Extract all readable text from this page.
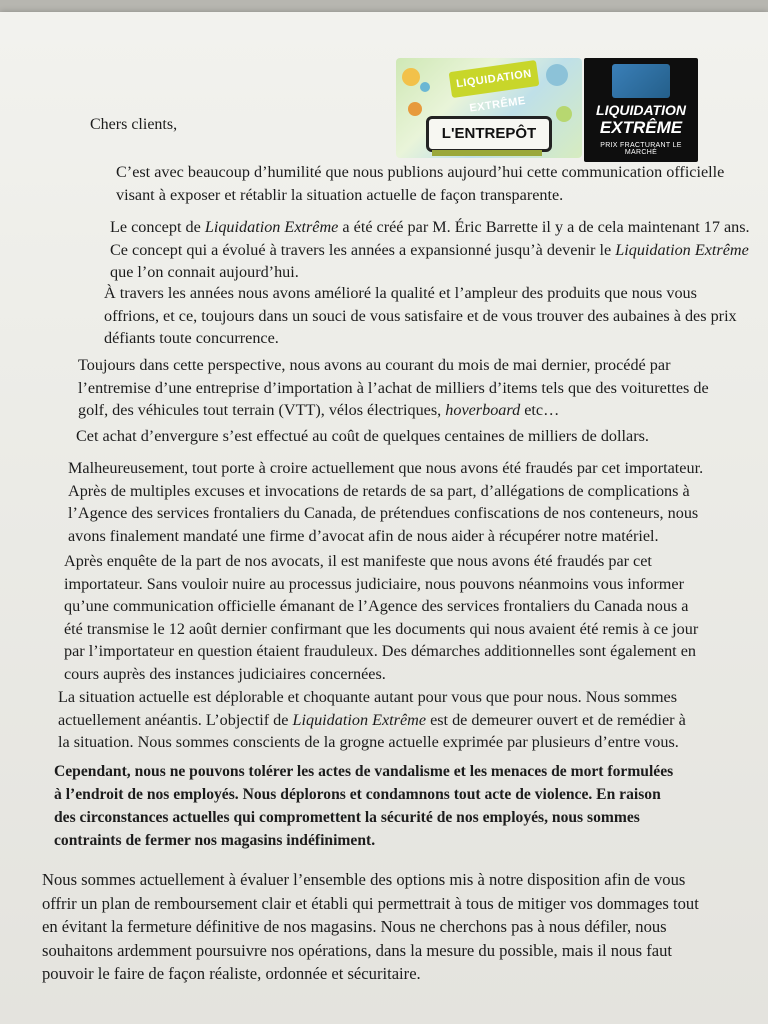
LIQUIDATION EXTRÊME
L'ENTREPÔT
LIQUIDATION
EXTRÊME
PRIX FRACTURANT LE MARCHÉ
Chers clients,
C’est avec beaucoup d’humilité que nous publions aujourd’hui cette communication officielle
visant à exposer et rétablir la situation actuelle de façon transparente.
Le concept de Liquidation Extrême a été créé par M. Éric Barrette il y a de cela maintenant 17 ans.
Ce concept qui a évolué à travers les années a expansionné jusqu’à devenir le Liquidation Extrême
que l’on connait aujourd’hui.
À travers les années nous avons amélioré la qualité et l’ampleur des produits que nous vous
offrions, et ce, toujours dans un souci de vous satisfaire et de vous trouver des aubaines à des prix
défiants toute concurrence.
Toujours dans cette perspective, nous avons au courant du mois de mai dernier, procédé par
l’entremise d’une entreprise d’importation à l’achat de milliers d’items tels que des voiturettes de
golf, des véhicules tout terrain (VTT), vélos électriques, hoverboard etc…
Cet achat d’envergure s’est effectué au coût de quelques centaines de milliers de dollars.
Malheureusement, tout porte à croire actuellement que nous avons été fraudés par cet importateur.
Après de multiples excuses et invocations de retards de sa part, d’allégations de complications à
l’Agence des services frontaliers du Canada, de prétendues confiscations de nos conteneurs, nous
avons finalement mandaté une firme d’avocat afin de nous aider à récupérer notre matériel.
Après enquête de la part de nos avocats, il est manifeste que nous avons été fraudés par cet
importateur. Sans vouloir nuire au processus judiciaire, nous pouvons néanmoins vous informer
qu’une communication officielle émanant de l’Agence des services frontaliers du Canada nous a
été transmise le 12 août dernier confirmant que les documents qui nous avaient été remis à ce jour
par l’importateur en question étaient frauduleux. Des démarches additionnelles sont également en
cours auprès des instances judiciaires concernées.
La situation actuelle est déplorable et choquante autant pour vous que pour nous. Nous sommes
actuellement anéantis. L’objectif de Liquidation Extrême est de demeurer ouvert et de remédier à
la situation. Nous sommes conscients de la grogne actuelle exprimée par plusieurs d’entre vous.
Cependant, nous ne pouvons tolérer les actes de vandalisme et les menaces de mort formulées
à l’endroit de nos employés. Nous déplorons et condamnons tout acte de violence. En raison
des circonstances actuelles qui compromettent la sécurité de nos employés, nous sommes
contraints de fermer nos magasins indéfiniment.
Nous sommes actuellement à évaluer l’ensemble des options mis à notre disposition afin de vous
offrir un plan de remboursement clair et établi qui permettrait à tous de mitiger vos dommages tout
en évitant la fermeture définitive de nos magasins. Nous ne cherchons pas à nous défiler, nous
souhaitons ardemment poursuivre nos opérations, dans la mesure du possible, mais il nous faut
pouvoir le faire de façon réaliste, ordonnée et sécuritaire.
